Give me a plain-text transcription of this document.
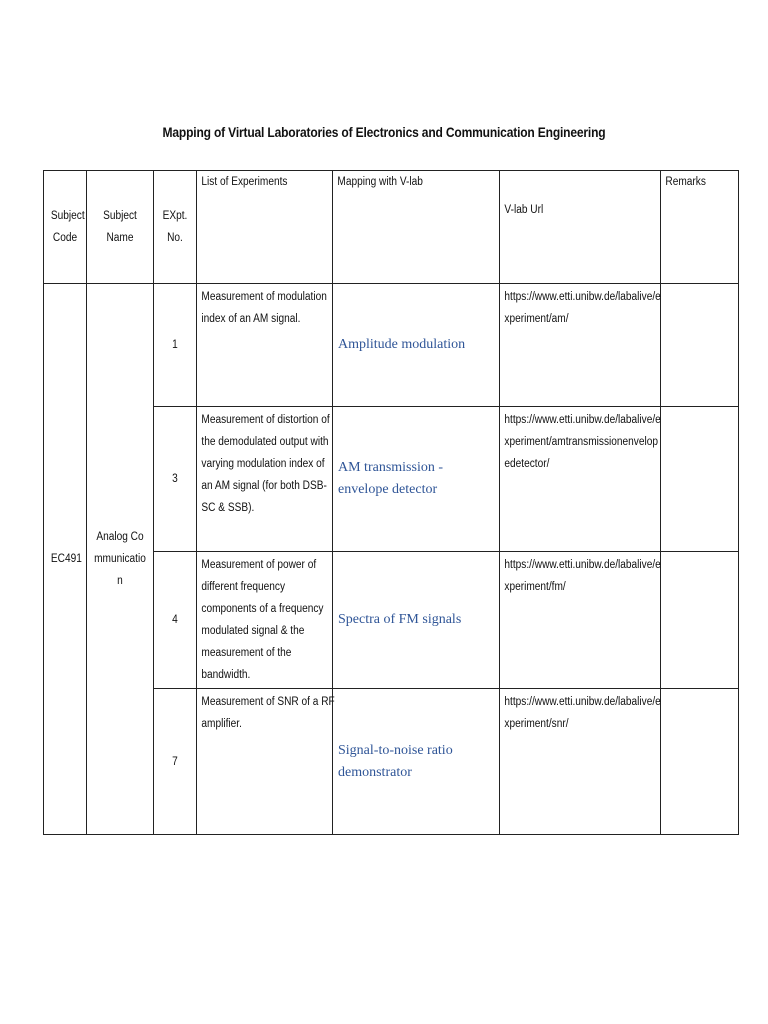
Mapping of Virtual Laboratories of Electronics and Communication Engineering
Subject Code	Subject Name	EXpt. No.	List of Experiments	Mapping with V-lab	V-lab Url	Remarks

EC491	Analog Communication	1	Measurement of modulation index of an AM signal.	Amplitude modulation	https://www.etti.unibw.de/labalive/experiment/am/	

		3	Measurement of distortion of the demodulated output with varying modulation index of an AM signal (for both DSB-SC & SSB).	AM transmission - envelope detector	https://www.etti.unibw.de/labalive/experiment/amtransmissionenvelopedetector/	

		4	Measurement of power of different frequency components of a frequency modulated signal & the measurement of the bandwidth.	Spectra of FM signals	https://www.etti.unibw.de/labalive/experiment/fm/	

		7	Measurement of SNR of a RF amplifier.	Signal-to-noise ratio demonstrator	https://www.etti.unibw.de/labalive/experiment/snr/	
